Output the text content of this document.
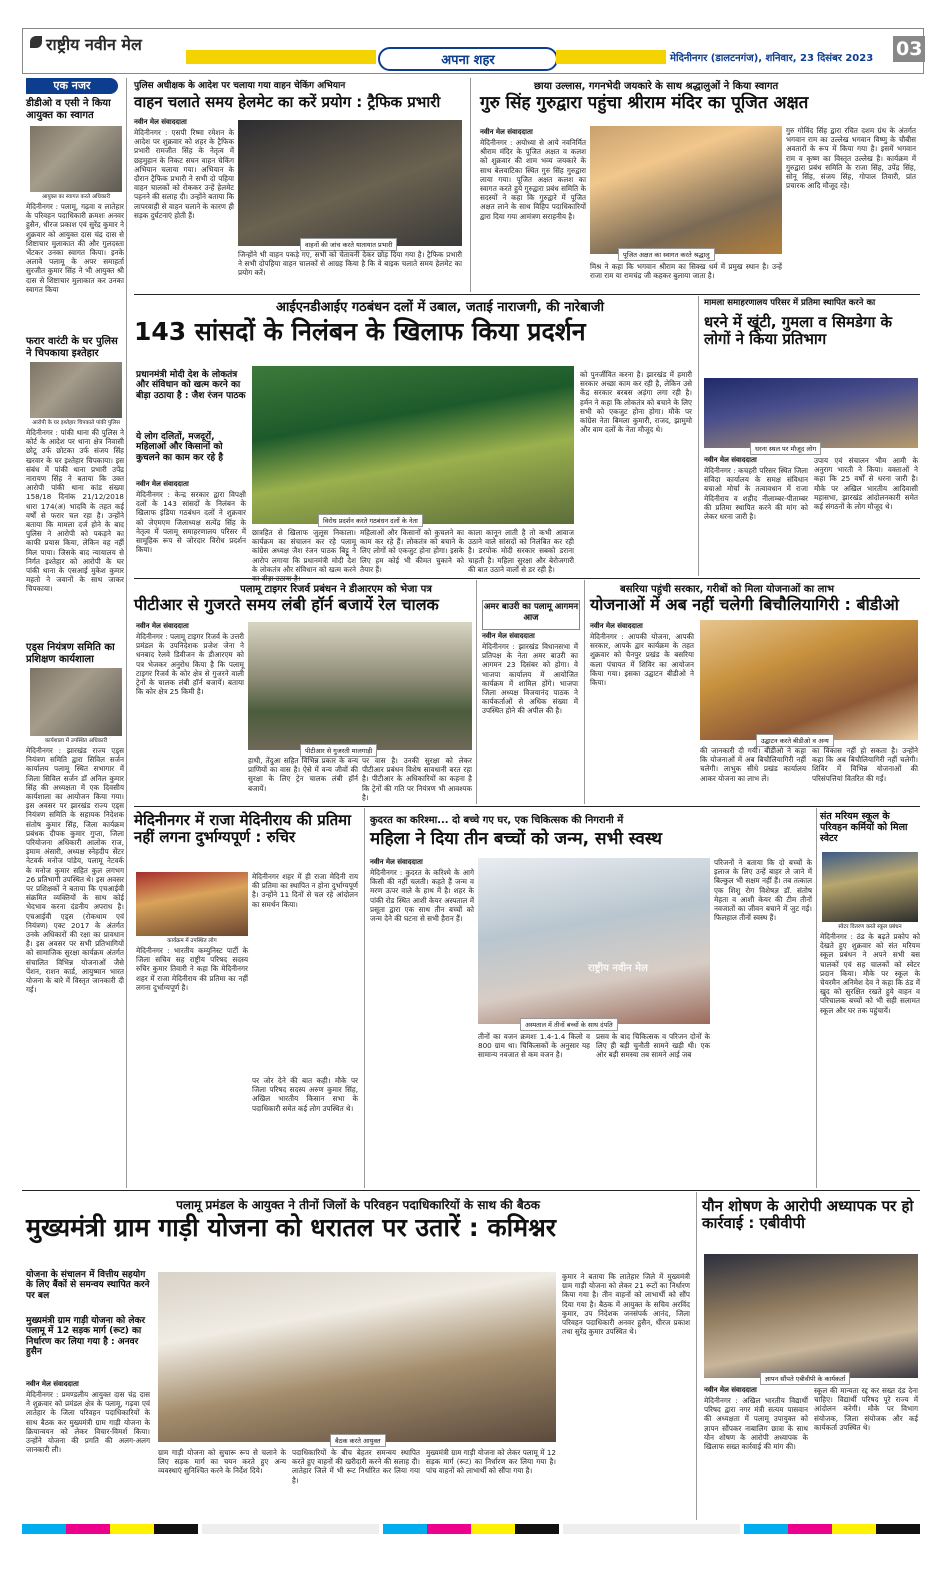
राष्ट्रीय नवीन मेल
अपना शहर	मेदिनीनगर (डालटनगंज), शनिवार, 23 दिसंबर 2023 03
एक नजर
डीडीओ व एसी ने किया आयुक्त का स्वागत
आयुक्त का स्वागत करते अधिकारी
मेदिनीनगर : पलामू, गढ़वा व लातेहार के परिवहन पदाधिकारी क्रमशः अनवर हुसैन, धीरज प्रकाश एवं सुरेंद्र कुमार ने शुक्रवार को आयुक्त दास चंद्र दास से शिष्टाचार मुलाकात की और गुलदस्ता भेंटकर उनका स्वागत किया। इनके अलावे पलामू के अपर समाहर्ता सुरजीत कुमार सिंह ने भी आयुक्त श्री दास से शिष्टाचार मुलाकात कर उनका स्वागत किया
फरार वारंटी के घर पुलिस ने चिपकाया इश्तेहार
आरोपी के घर इश्तेहार चिपकाते पांकी पुलिस
मेदिनीनगर : पांकी थाना की पुलिस ने कोर्ट के आदेश पर थाना क्षेत्र निवासी छोटू उर्फ छोटका उर्फ संजय सिंह खरवार के घर इश्तेहार चिपकाया। इस संबंध में पांकी थाना प्रभारी उपेंद्र नारायण सिंह ने बताया कि उक्त आरोपी पांकी थाना कांड संख्या 158/18 दिनांक 21/12/2018 धारा 174(अ) भादवि के तहत कई वर्षों से फरार चल रहा है। उन्होंने बताया कि मामला दर्ज होने के बाद पुलिस ने आरोपी को पकड़ने का काफी प्रयास किया, लेकिन वह नहीं मिल पाया। जिसके बाद न्यायालय से निर्गत इश्तेहार को आरोपी के घर पांकी थाना के एसआई मुकेश कुमार महतो ने जवानों के साथ जाकर चिपकाया।
एड्स नियंत्रण समिति का प्रशिक्षण कार्यशाला
कार्यशाला में उपस्थित अधिकारी
मेदिनीनगर : झारखंड राज्य एड्स नियंत्रण समिति द्वारा सिविल सर्जन कार्यालय पलामू स्थित सभागार में जिला सिविल सर्जन डॉ अनिल कुमार सिंह की अध्यक्षता में एक दिवसीय कार्यशाला का आयोजन किया गया। इस अवसर पर झारखंड राज्य एड्स नियंत्रण समिति के सहायक निदेशक संतोष कुमार सिंह, जिला कार्यक्रम प्रबंधक दीपक कुमार गुप्ता, जिला परियोजना अधिकारी आलोक राज, इमाम अंसारी, अध्यक्ष स्नेहदीप सेंटर नेटवर्क मनोज पांडेय, पलामू नेटवर्क के मनोज कुमार सहित कुल लगभग 26 प्रतिभागी उपस्थित थे। इस अवसर पर प्रशिक्षकों ने बताया कि एचआईवी संक्रमित व्यक्तियों के साथ कोई भेदभाव करना दंडनीय अपराध है। एचआईवी एड्स (रोकथाम एवं नियंत्रण) एक्ट 2017 के अंतर्गत उनके अधिकारों की रक्षा का प्रावधान है। इस अवसर पर सभी प्रतिभागियों को सामाजिक सुरक्षा कार्यक्रम अंतर्गत संचालित विभिन्न योजनाओं जैसे पेंशन, राशन कार्ड, आयुष्मान भारत योजना के बारे में विस्तृत जानकारी दी गई।
पुलिस अधीक्षक के आदेश पर चलाया गया वाहन चेकिंग अभियान
वाहन चलाते समय हेलमेट का करें प्रयोग : ट्रैफिक प्रभारी
नवीन मेल संवाददाता
मेदिनीनगर : एसपी रिष्मा रमेशन के आदेश पर शुक्रवार को शहर के ट्रैफिक प्रभारी रामजीत सिंह के नेतृत्व में छहमुहान के निकट सघन वाहन चेकिंग अभियान चलाया गया। अभियान के दौरान ट्रैफिक प्रभारी ने सभी दो पहिया वाहन चालकों को रोककर उन्हें हेलमेट पहनने की सलाह दी। उन्होंने बताया कि लापरवाही से वाहन चलाने के कारण ही सड़क दुर्घटनाएं होती हैं।
वाहनों की जांच करते यातायात प्रभारी
जिन्होंने भी वाहन पकड़े गए, सभी को चेतावनी देकर छोड़ दिया गया है। ट्रैफिक प्रभारी ने सभी दोपहिया वाहन चालकों से आग्रह किया है कि वे बाइक चलाते समय हेलमेट का प्रयोग करें।
छाया उल्लास, गगनभेदी जयकारे के साथ श्रद्धालुओं ने किया स्वागत
गुरु सिंह गुरुद्वारा पहुंचा श्रीराम मंदिर का पूजित अक्षत
नवीन मेल संवाददाता
मेदिनीनगर : अयोध्या से आये नवनिर्मित श्रीराम मंदिर के पूजित अक्षत व कलश को शुक्रवार की शाम भव्य जयकारे के साथ बेलवाटिका स्थित गुरु सिंह गुरुद्वारा लाया गया। पूजित अक्षत कलश का स्वागत करते हुये गुरुद्वारा प्रबंध समिति के सदस्यों ने कहा कि गुरुद्वारे में पूजित अक्षत लाने के साथ विहिप पदाधिकारियों द्वारा दिया गया आमंत्रण सराहनीय है।
पूजित अक्षत का स्वागत करते श्रद्धालु
मिश्र ने कहा कि भगवान श्रीराम का सिक्ख धर्म में प्रमुख स्थान है। उन्हें राजा राम या रामचंद्र जी कहकर बुलाया जाता है।
गुरु गोविंद सिंह द्वारा रचित दशम ग्रंथ के अंतर्गत भगवान राम का उल्लेख भगवान विष्णु के चौबीस अवतारों के रूप में किया गया है। इसमें भगवान राम व कृष्ण का विस्तृत उल्लेख है। कार्यक्रम में गुरुद्वारा प्रबंध समिति के राजा सिंह, उपेंद्र सिंह, सोनू सिंह, संजय सिंह, गोपाल तिवारी, प्रांत प्रचारक आदि मौजूद रहे।
आईएनडीआईए गठबंधन दलों में उबाल, जताई नाराजगी, की नारेबाजी
143 सांसदों के निलंबन के खिलाफ किया प्रदर्शन
प्रधानमंत्री मोदी देश के लोकतंत्र और संविधान को खत्म करने का बीड़ा उठाया है : जैश रंजन पाठक
ये लोग दलितों, मजदूरों, महिलाओं और किसानों को कुचलने का काम कर रहे है
नवीन मेल संवाददाता
मेदिनीनगर : केन्द्र सरकार द्वारा विपक्षी दलों के 143 सांसदों के निलंबन के खिलाफ इंडिया गठबंधन दलों ने शुक्रवार को जेएमएम जिलाध्यक्ष सत्येंद्र सिंह के नेतृत्व में पलामू समाहरणालय परिसर में सामूहिक रूप से जोरदार विरोध प्रदर्शन किया।
विरोध प्रदर्शन करते गठबंधन दलों के नेता
छात्रहित से खिलाफ जुलूस निकाला। कार्यक्रम का संचालन कर रहे पलामू कांग्रेस अध्यक्ष जैश रंजन पाठक बिट्टू ने आरोप लगाया कि प्रधानमंत्री मोदी देश के लोकतंत्र और संविधान को खत्म करने
महिलाओं और किसानों को कुचलने का काम कर रहे हैं। लोकतंत्र को बचाने के लिए लोगों को एकजुट होना होगा। इसके लिए हम कोई भी कीमत चुकाने को तैयार हैं।
काला कानून लाती है तो कभी आवाज उठाने वाले सांसदों को निलंबित कर रही है। डरपोक मोदी सरकार सबको डराना चाहती है। महिला सुरक्षा और बेरोजगारी की बात उठाने वालों से डर रही है।
को पुनर्जीवित करना है। झारखंड में हमारी सरकार अच्छा काम कर रही है, लेकिन उसे केंद्र सरकार बरबस अड़ंगा लगा रही है। हर्मन ने कहा कि लोकतंत्र को बचाने के लिए सभी को एकजुट होना होगा। मौके पर कांग्रेस नेता बिमला कुमारी, राजद, झामुमो और वाम दलों के नेता मौजूद थे।
मामला समाहरणालय परिसर में प्रतिमा स्थापित करने का
धरने में खूंटी, गुमला व सिमडेगा के लोगों ने किया प्रतिभाग
धरना स्थल पर मौजूद लोग
नवीन मेल संवाददाता
मेदिनीनगर : कचहरी परिसर स्थित जिला संविदा कार्यालय के समक्ष संविधान बचाओ मोर्चा के तत्वावधान में राजा मेदिनीराय व शहीद नीलाम्बर-पीताम्बर की प्रतिमा स्थापित करने की मांग को लेकर धरना जारी है।
उपाय एवं संचालन भीम आमी के अनुराग भारती ने किया। वक्ताओं ने कहा कि 25 वर्षों से धरना जारी है। मौके पर अखिल भारतीय आदिवासी महासभा, झारखंड आंदोलनकारी समेत कई संगठनों के लोग मौजूद थे।
पलामू टाइगर रिजर्व प्रबंधन ने डीआरएम को भेजा पत्र
पीटीआर से गुजरते समय लंबी हॉर्न बजायें रेल चालक
नवीन मेल संवाददाता
मेदिनीनगर : पलामू टाइगर रिजर्व के उत्तरी प्रमंडल के उपनिदेशक प्रजेश जेना ने धनबाद रेलवे डिवीजन के डीआरएम को पत्र भेजकर अनुरोध किया है कि पलामू टाइगर रिजर्व के कोर क्षेत्र से गुजरने वाली ट्रेनों के चालक लंबी हॉर्न बजायें। बताया कि कोर क्षेत्र 25 किमी है।
पीटीआर से गुजरती मालगाड़ी
हाथी, तेंदुआ सहित विभिन्न प्रकार के वन्य प्राणियों का वास है। ऐसे में वन्य जीवों की सुरक्षा के लिए ट्रेन चालक लंबी हॉर्न बजायें।
पर वास है। उनकी सुरक्षा को लेकर पीटीआर प्रबंधन विशेष सावधानी बरत रहा है। पीटीआर के अधिकारियों का कहना है कि ट्रेनों की गति पर नियंत्रण भी आवश्यक है।
अमर बाउरी का पलामू आगमन आज
नवीन मेल संवाददाता
मेदिनीनगर : झारखंड विधानसभा में प्रतिपक्ष के नेता अमर बाउरी का आगमन 23 दिसंबर को होगा। वे भाजपा कार्यालय में आयोजित कार्यक्रम में शामिल होंगे। भाजपा जिला अध्यक्ष विजयानंद पाठक ने कार्यकर्ताओं से अधिक संख्या में उपस्थित होने की अपील की है।
बसरिया पहुंची सरकार, गरीबों को मिला योजनाओं का लाभ
योजनाओं में अब नहीं चलेगी बिचौलियागिरी : बीडीओ
नवीन मेल संवाददाता
मेदिनीनगर : आपकी योजना, आपकी सरकार, आपके द्वार कार्यक्रम के तहत शुक्रवार को चैनपुर प्रखंड के बसरिया कला पंचायत में शिविर का आयोजन किया गया। इसका उद्घाटन बीडीओ ने किया।
उद्घाटन करते बीडीओ व अन्य
की जानकारी दी गयी। बीडीओ ने कहा कि योजनाओं में अब बिचौलियागिरी नहीं चलेगी। लाभुक सीधे प्रखंड कार्यालय आकर योजना का लाभ लें।
का विकास नहीं हो सकता है। उन्होंने कहा कि अब बिचौलियागिरी नहीं चलेगी। शिविर में विभिन्न योजनाओं की परिसंपत्तियां वितरित की गईं।
मेदिनीनगर में राजा मेदिनीराय की प्रतिमा नहीं लगना दुर्भाग्यपूर्ण : रुचिर
कार्यक्रम में उपस्थित लोग
मेदिनीनगर : भारतीय कम्युनिस्ट पार्टी के जिला सचिव सह राष्ट्रीय परिषद सदस्य रुचिर कुमार तिवारी ने कहा कि मेदिनीनगर शहर में राजा मेदिनीराय की प्रतिमा का नहीं लगना दुर्भाग्यपूर्ण है।
मेदिनीनगर शहर में ही राजा मेदिनी राय की प्रतिमा का स्थापित न होना दुर्भाग्यपूर्ण है। उन्होंने 11 दिनों से चल रहे आंदोलन का समर्थन किया।
पर जोर देने की बात कही। मौके पर जिला परिषद सदस्य अरुण कुमार सिंह, अखिल भारतीय किसान सभा के पदाधिकारी समेत कई लोग उपस्थित थे।
कुदरत का करिश्मा... दो बच्चे गए घर, एक चिकित्सक की निगरानी में
महिला ने दिया तीन बच्चों को जन्म, सभी स्वस्थ
नवीन मेल संवाददाता
मेदिनीनगर : कुदरत के करिश्मे के आगे किसी की नहीं चलती। कहते हैं जन्म व मरण ऊपर वाले के हाथ में है। शहर के पांकी रोड स्थित आशी केयर अस्पताल में प्रसूता द्वारा एक साथ तीन बच्चों को जन्म देने की घटना से सभी हैरान हैं।
राष्ट्रीय नवीन मेल
अस्पताल में तीनों बच्चों के साथ दंपति
तीनों का वजन क्रमशः 1.4-1.4 किलो व 800 ग्राम था। चिकित्सकों के अनुसार यह सामान्य नवजात से कम वजन है।
प्रसव के बाद चिकित्सक व परिजन दोनों के लिए ही बड़ी चुनौती सामने खड़ी थी। एक ओर बड़ी समस्या तब सामने आई जब
परिजनों ने बताया कि दो बच्चों के इलाज के लिए उन्हें बाहर ले जाने में बिल्कुल भी सक्षम नहीं हैं। तब तत्काल एक शिशु रोग विशेषज्ञ डॉ. संतोष मेहता व आशी केयर की टीम तीनों नवजातों का जीवन बचाने में जुट गई। फिलहाल तीनों स्वस्थ हैं।
संत मरियम स्कूल के परिवहन कर्मियों को मिला स्वेटर
स्वेटर वितरण करते स्कूल प्रबंधन
मेदिनीनगर : ठंड के बढ़ते प्रकोप को देखते हुए शुक्रवार को संत मरियम स्कूल प्रबंधन ने अपने सभी बस चालकों एवं सह चालकों को स्वेटर प्रदान किया। मौके पर स्कूल के चेयरमैन अनिमेश देव ने कहा कि ठंड में खुद को सुरक्षित रखते हुये वाहन व परिचालक बच्चों को भी सही सलामत स्कूल और घर तक पहुंचायें।
पलामू प्रमंडल के आयुक्त ने तीनों जिलों के परिवहन पदाधिकारियों के साथ की बैठक
मुख्यमंत्री ग्राम गाड़ी योजना को धरातल पर उतारें : कमिश्नर
योजना के संचालन में वित्तीय सहयोग के लिए बैंकों से समन्वय स्थापित करने पर बल
मुख्यमंत्री ग्राम गाड़ी योजना को लेकर पलामू में 12 सड़क मार्ग (रूट) का निर्धारण कर लिया गया है : अनवर हुसैन
नवीन मेल संवाददाता
मेदिनीनगर : प्रमण्डलीय आयुक्त दास चंद्र दास ने शुक्रवार को प्रमंडल क्षेत्र के पलामू, गढ़वा एवं लातेहार के जिला परिवहन पदाधिकारियों के साथ बैठक कर मुख्यमंत्री ग्राम गाड़ी योजना के क्रियान्वयन को लेकर विचार-विमर्श किया। उन्होंने योजना की प्रगति की अलग-अलग जानकारी ली।
बैठक करते आयुक्त
ग्राम गाड़ी योजना को सुचारू रूप से चलाने के लिए सड़क मार्ग का चयन करते हुए अन्य व्यवस्थाएं सुनिश्चित करने के निर्देश दिये।
पदाधिकारियों के बीच बेहतर समन्वय स्थापित करते हुए वाहनों की खरीदारी करने की सलाह दी। लातेहार जिले में भी रूट निर्धारित कर लिया गया है।
मुख्यमंत्री ग्राम गाड़ी योजना को लेकर पलामू में 12 सड़क मार्ग (रूट) का निर्धारण कर लिया गया है। पांच वाहनों को लाभार्थी को सौंपा गया है।
कुमार ने बताया कि लातेहार जिले में मुख्यमंत्री ग्राम गाड़ी योजना को लेकर 21 रूटों का निर्धारण किया गया है। तीन वाहनों को लाभार्थी को सौंप दिया गया है। बैठक में आयुक्त के सचिव अरविंद कुमार, उप निदेशक जनसंपर्क आनंद, जिला परिवहन पदाधिकारी अनवर हुसैन, धीरज प्रकाश तथा सुरेंद्र कुमार उपस्थित थे।
यौन शोषण के आरोपी अध्यापक पर हो कार्रवाई : एबीवीपी
ज्ञापन सौंपते एबीवीपी के कार्यकर्ता
नवीन मेल संवाददाता
मेदिनीनगर : अखिल भारतीय विद्यार्थी परिषद द्वारा नगर मंत्री सत्यम पासवान की अध्यक्षता में पलामू उपायुक्त को ज्ञापन सौंपकर नाबालिग छात्रा के साथ यौन शोषण के आरोपी अध्यापक के खिलाफ सख्त कार्रवाई की मांग की।
स्कूल की मान्यता रद्द कर सख्त दंड देना चाहिए। विद्यार्थी परिषद पूरे राज्य में आंदोलन करेगी। मौके पर विभाग संयोजक, जिला संयोजक और कई कार्यकर्ता उपस्थित थे।
